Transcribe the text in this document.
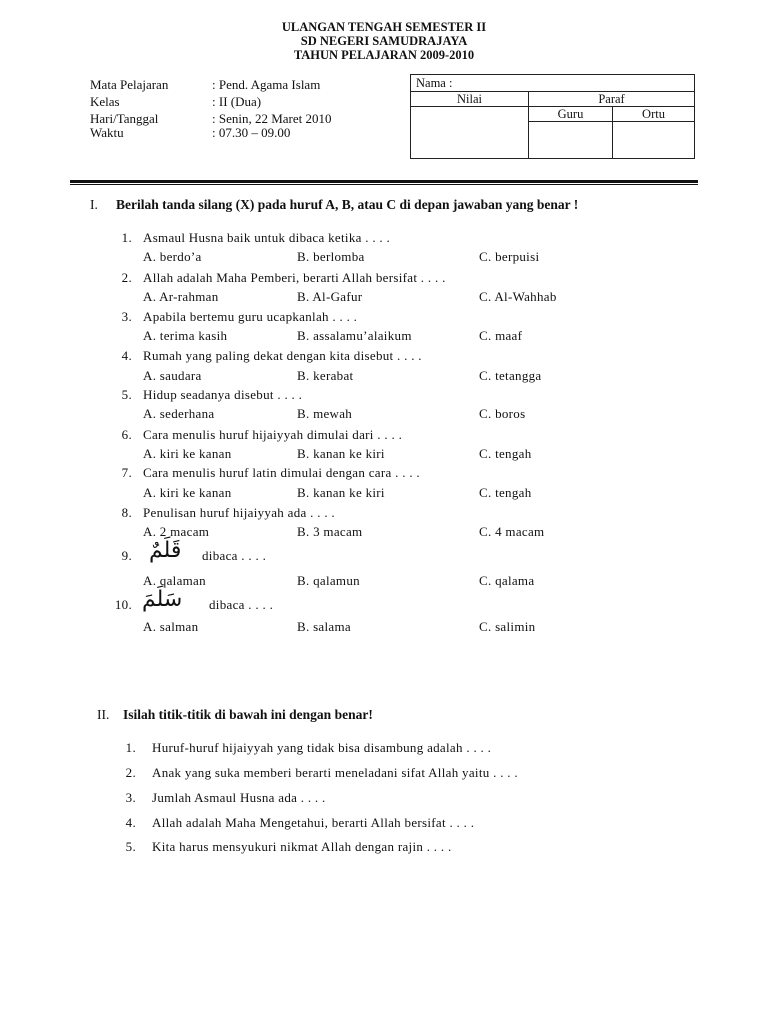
ULANGAN TENGAH SEMESTER II
SD NEGERI SAMUDRAJAYA
TAHUN PELAJARAN 2009-2010
Mata Pelajaran	: Pend. Agama Islam
Kelas	: II (Dua)
Hari/Tanggal	: Senin, 22 Maret 2010
Waktu	: 07.30 – 09.00
Nama :		
Nilai	Paraf	
	Guru	Ortu

I. Berilah tanda silang (X) pada huruf A, B, atau C di depan jawaban yang benar !
1. Asmaul Husna baik untuk dibaca ketika . . . .
A. berdo’a	B. berlomba	C. berpuisi
2. Allah adalah Maha Pemberi, berarti Allah bersifat . . . .
A. Ar-rahman	B. Al-Gafur	C. Al-Wahhab
3. Apabila bertemu guru ucapkanlah . . . .
A. terima kasih	B. assalamu’alaikum	C. maaf
4. Rumah yang paling dekat dengan kita disebut . . . .
A. saudara	B. kerabat	C. tetangga
5. Hidup seadanya disebut . . . .
A. sederhana	B. mewah	C. boros
6. Cara menulis huruf hijaiyyah dimulai dari . . . .
A. kiri ke kanan	B. kanan ke kiri	C. tengah
7. Cara menulis huruf latin dimulai dengan cara . . . .
A. kiri ke kanan	B. kanan ke kiri	C. tengah
8. Penulisan huruf hijaiyyah ada . . . .
A. 2 macam	B. 3 macam	C. 4 macam
9. قَلَمٌ dibaca . . . .
A. qalaman	B. qalamun	C. qalama
10. سَلَمَ dibaca . . . .
A. salman	B. salama	C. salimin
II. Isilah titik-titik di bawah ini dengan benar!
1. Huruf-huruf hijaiyyah yang tidak bisa disambung adalah . . . .
2. Anak yang suka memberi berarti meneladani sifat Allah yaitu . . . .
3. Jumlah Asmaul Husna ada . . . .
4. Allah adalah Maha Mengetahui, berarti Allah bersifat . . . .
5. Kita harus mensyukuri nikmat Allah dengan rajin . . . .
